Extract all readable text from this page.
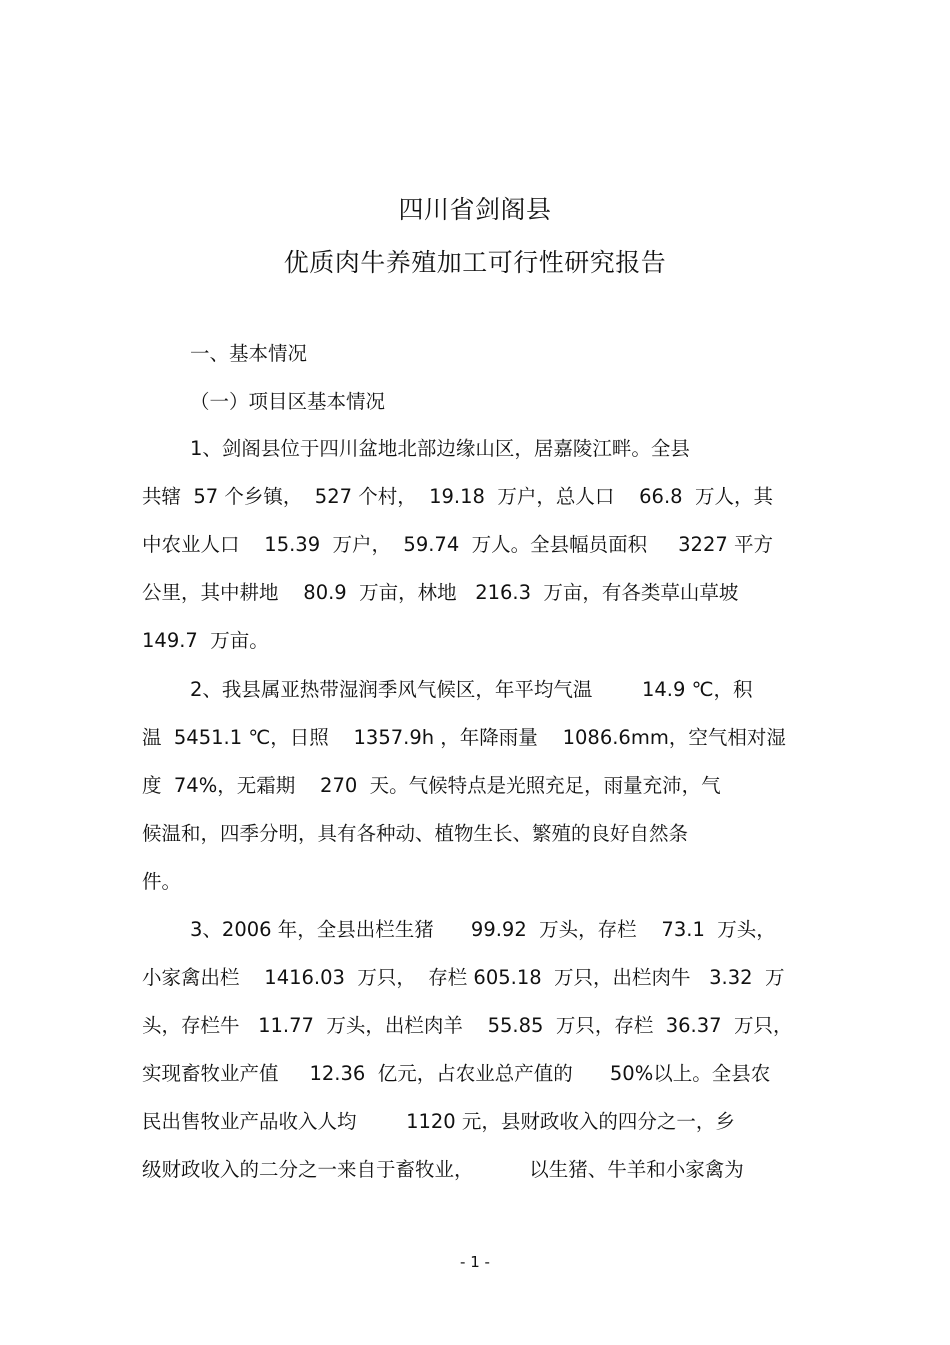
四川省剑阁县
优质肉牛养殖加工可行性研究报告
一、基本情况
（一）项目区基本情况
1、剑阁县位于四川盆地北部边缘山区，居嘉陵江畔。全县
共辖  57 个乡镇，  527 个村，  19.18  万户，总人口    66.8  万人，其
中农业人口    15.39  万户，  59.74  万人。全县幅员面积     3227 平方
公里，其中耕地    80.9  万亩，林地   216.3  万亩，有各类草山草坡
149.7  万亩。
2、我县属亚热带湿润季风气候区，年平均气温        14.9 ℃，积
温  5451.1 ℃，日照    1357.9h ，年降雨量    1086.6mm，空气相对湿
度  74%，无霜期    270  天。气候特点是光照充足，雨量充沛，气
候温和，四季分明，具有各种动、植物生长、繁殖的良好自然条
件。
3、2006 年，全县出栏生猪      99.92  万头，存栏    73.1  万头，
小家禽出栏    1416.03  万只，  存栏 605.18  万只，出栏肉牛   3.32  万
头，存栏牛   11.77  万头，出栏肉羊    55.85  万只，存栏  36.37  万只，
实现畜牧业产值     12.36  亿元，占农业总产值的      50%以上。全县农
民出售牧业产品收入人均        1120 元，县财政收入的四分之一，乡
级财政收入的二分之一来自于畜牧业，         以生猪、牛羊和小家禽为
- 1 -
